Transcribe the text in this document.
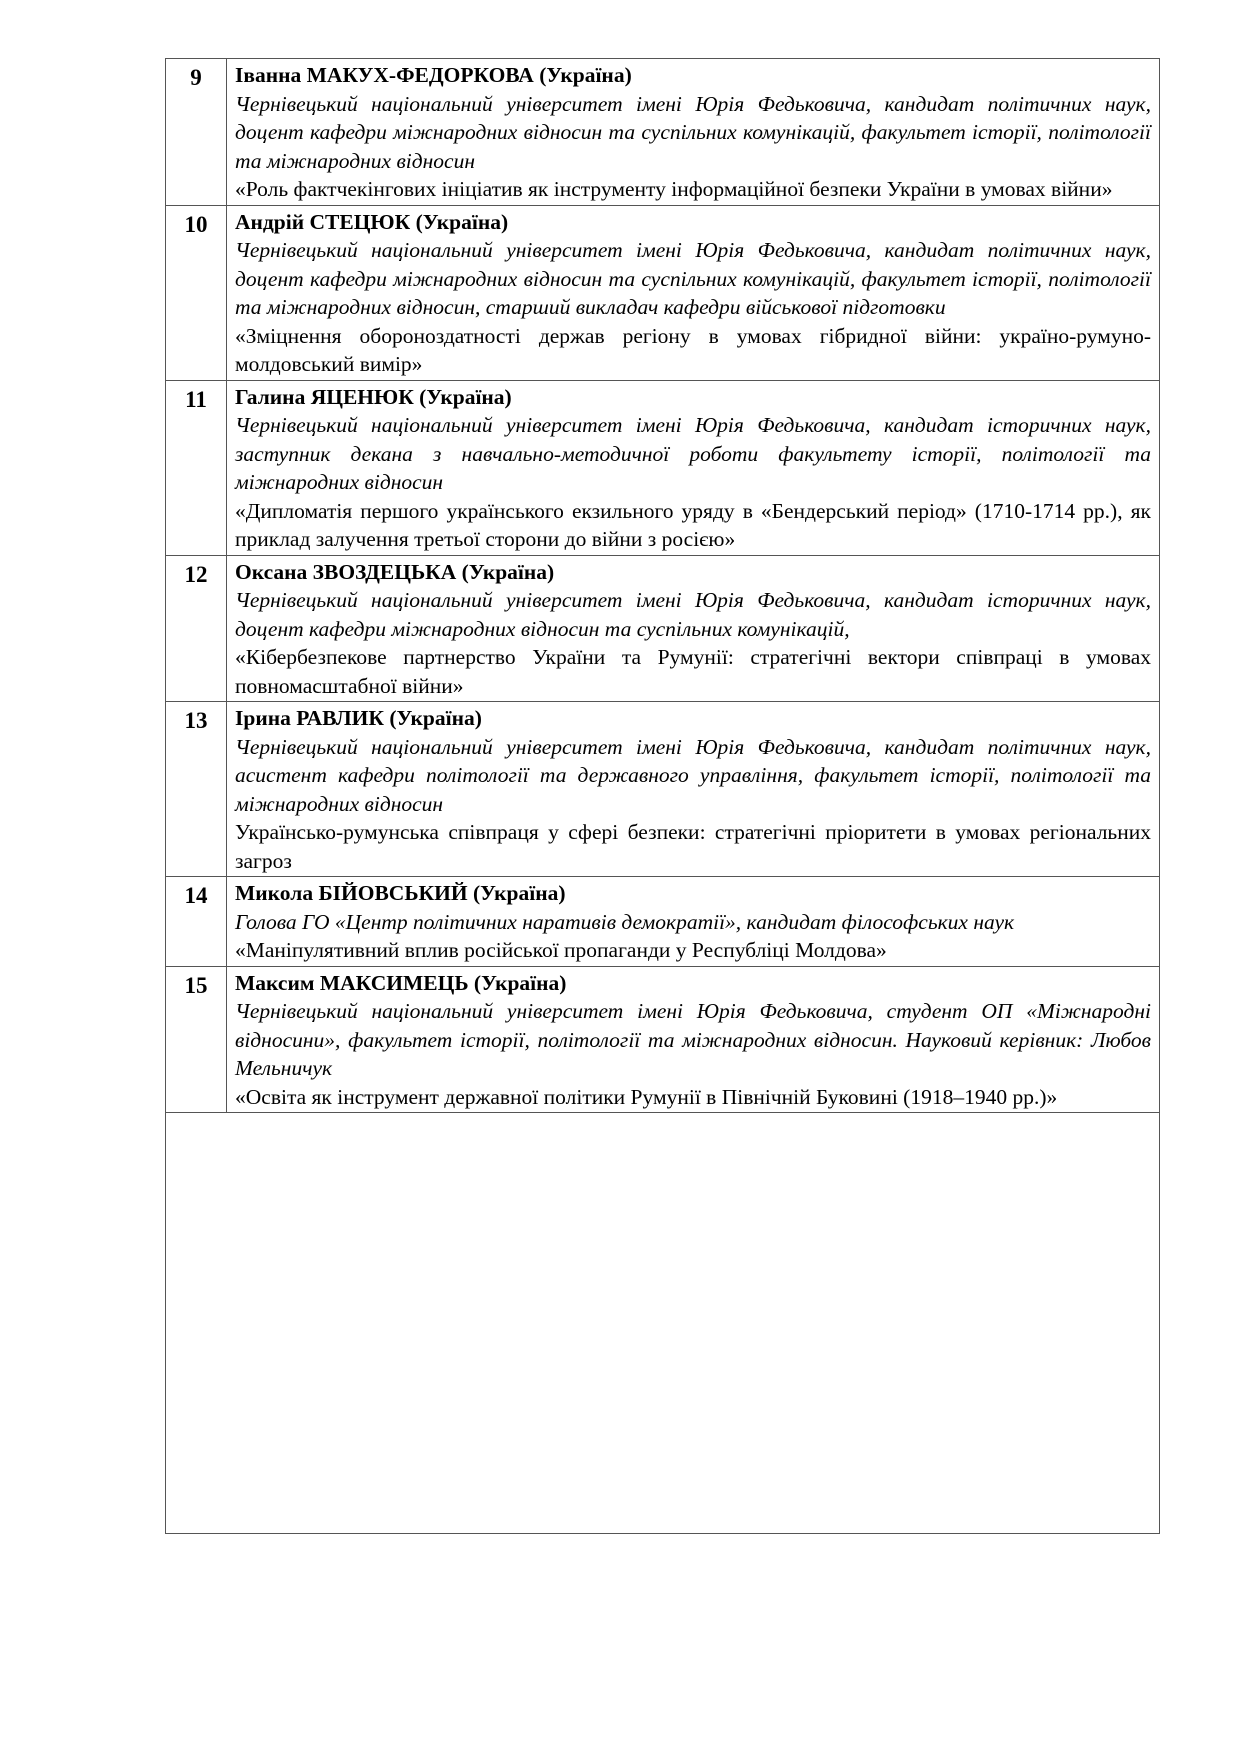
9	Іванна МАКУХ-ФЕДОРКОВА (Україна)
Чернівецький національний університет імені Юрія Федьковича, кандидат політичних наук, доцент кафедри міжнародних відносин та суспільних комунікацій, факультет історії, політології та міжнародних відносин
«Роль фактчекінгових ініціатив як інструменту інформаційної безпеки України в умовах війни»

10	Андрій СТЕЦЮК (Україна)
Чернівецький національний університет імені Юрія Федьковича, кандидат політичних наук, доцент кафедри міжнародних відносин та суспільних комунікацій, факультет історії, політології та міжнародних відносин, старший викладач кафедри військової підготовки
«Зміцнення обороноздатності держав регіону в умовах гібридної війни: україно-румуно-молдовський вимір»

11	Галина ЯЦЕНЮК (Україна)
Чернівецький національний університет імені Юрія Федьковича, кандидат історичних наук, заступник декана з навчально-методичної роботи факультету історії, політології та міжнародних відносин
«Дипломатія першого українського екзильного уряду в «Бендерський період» (1710-1714 рр.), як приклад залучення третьої сторони до війни з росією»

12	Оксана ЗВОЗДЕЦЬКА (Україна)
Чернівецький національний університет імені Юрія Федьковича, кандидат історичних наук, доцент кафедри міжнародних відносин та суспільних комунікацій,
«Кібербезпекове партнерство України та Румунії: стратегічні вектори співпраці в умовах повномасштабної війни»

13	Ірина РАВЛИК (Україна)
Чернівецький національний університет імені Юрія Федьковича, кандидат політичних наук, асистент кафедри політології та державного управління, факультет історії, політології та міжнародних відносин
Українсько-румунська співпраця у сфері безпеки: стратегічні пріоритети в умовах регіональних загроз

14	Микола БІЙОВСЬКИЙ (Україна)
Голова ГО «Центр політичних наративів демократії», кандидат філософських наук
«Маніпулятивний вплив російської пропаганди у Республіці Молдова»

15	Максим МАКСИМЕЦЬ (Україна)
Чернівецький національний університет імені Юрія Федьковича, студент ОП «Міжнародні відносини», факультет історії, політології та міжнародних відносин. Науковий керівник: Любов Мельничук
«Освіта як інструмент державної політики Румунії в Північній Буковині (1918–1940 рр.)»
